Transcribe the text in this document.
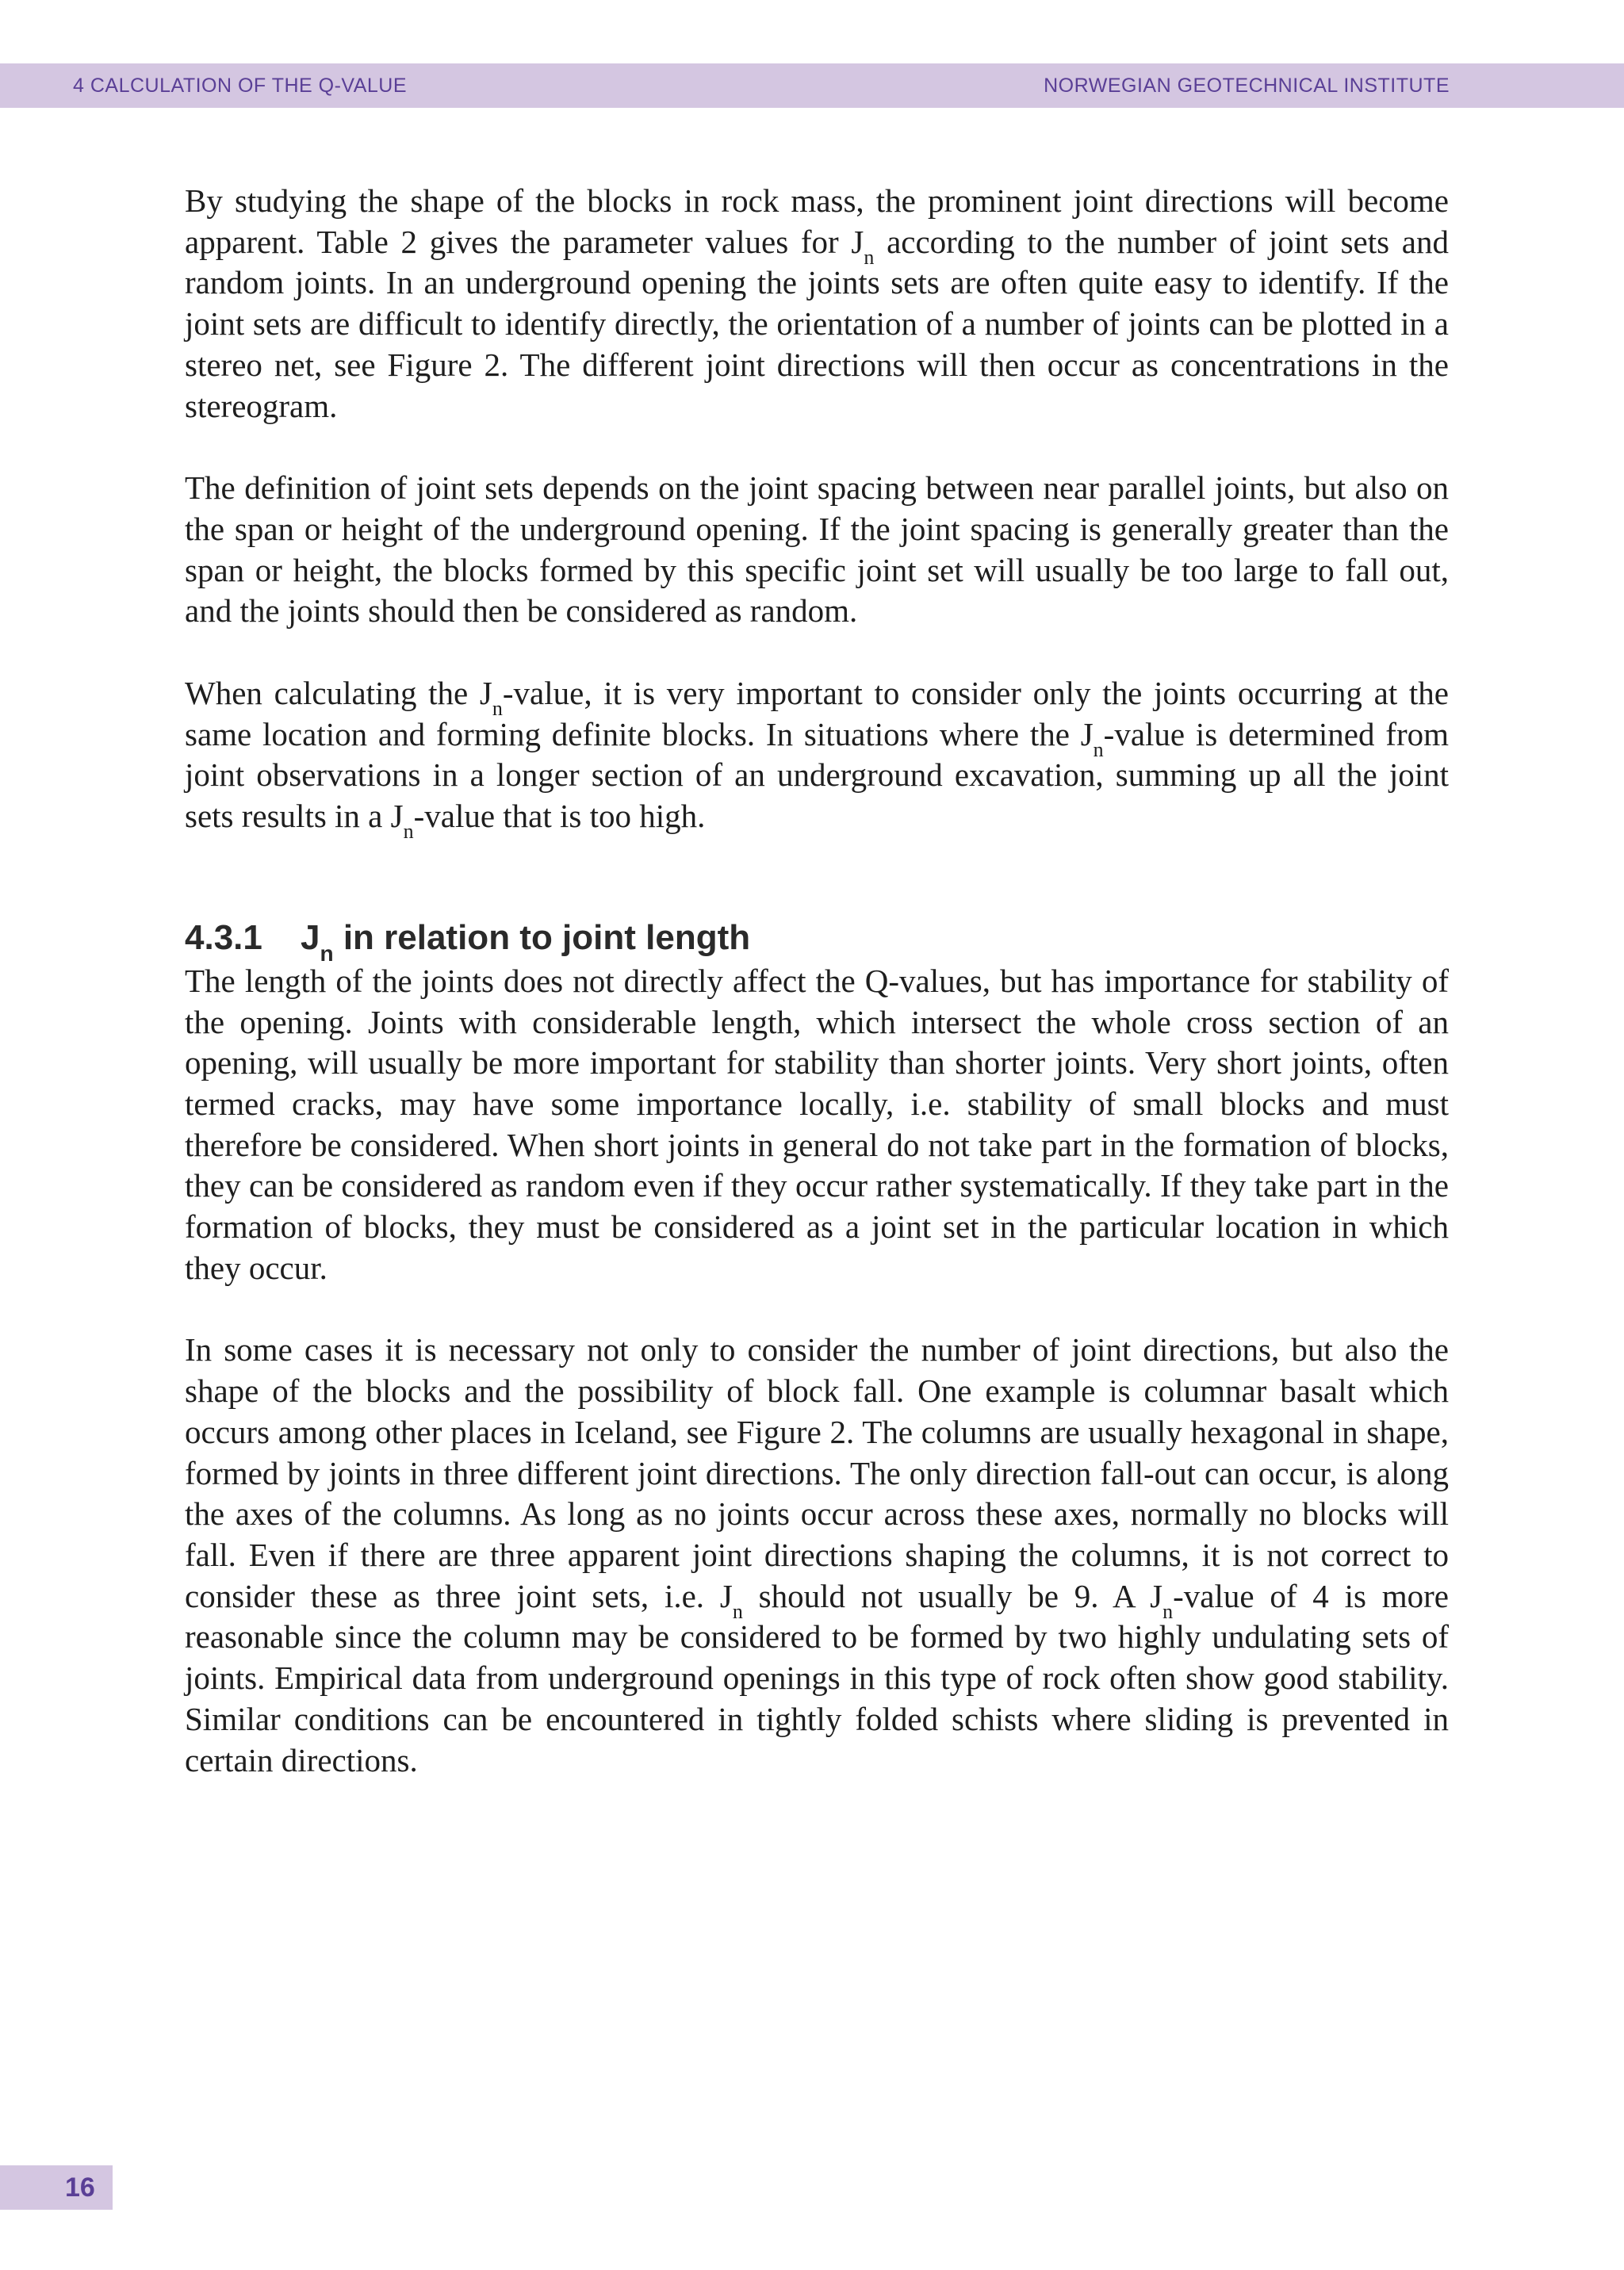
4 CALCULATION OF THE Q-VALUE	NORWEGIAN GEOTECHNICAL INSTITUTE

By studying the shape of the blocks in rock mass, the prominent joint directions will become apparent. Table 2 gives the parameter values for $J_n$ according to the number of joint sets and random joints. In an underground opening the joints sets are often quite easy to identify. If the joint sets are difficult to identify directly, the orientation of a number of joints can be plotted in a stereo net, see Figure 2. The different joint directions will then occur as concentrations in the stereogram.

The definition of joint sets depends on the joint spacing between near parallel joints, but also on the span or height of the underground opening. If the joint spacing is generally greater than the span or height, the blocks formed by this specific joint set will usually be too large to fall out, and the joints should then be considered as random.

When calculating the $J_n$-value, it is very important to consider only the joints occurring at the same location and forming definite blocks. In situations where the $J_n$-value is determined from joint observations in a longer section of an underground excavation, summing up all the joint sets results in a $J_n$-value that is too high.

4.3.1 $J_n$ in relation to joint length

The length of the joints does not directly affect the Q-values, but has importance for stability of the opening. Joints with considerable length, which intersect the whole cross section of an opening, will usually be more important for stability than shorter joints. Very short joints, often termed cracks, may have some importance locally, i.e. stability of small blocks and must therefore be considered. When short joints in general do not take part in the formation of blocks, they can be considered as random even if they occur rather systematically. If they take part in the formation of blocks, they must be considered as a joint set in the particular location in which they occur.

In some cases it is necessary not only to consider the number of joint directions, but also the shape of the blocks and the possibility of block fall. One example is columnar basalt which occurs among other places in Iceland, see Figure 2. The columns are usually hexagonal in shape, formed by joints in three different joint directions. The only direction fall-out can occur, is along the axes of the columns. As long as no joints occur across these axes, normally no blocks will fall. Even if there are three apparent joint directions shaping the columns, it is not correct to consider these as three joint sets, i.e. $J_n$ should not usually be 9. A $J_n$-value of 4 is more reasonable since the column may be considered to be formed by two highly undulating sets of joints. Empirical data from underground openings in this type of rock often show good stability. Similar conditions can be encountered in tightly folded schists where sliding is prevented in certain directions.

16
